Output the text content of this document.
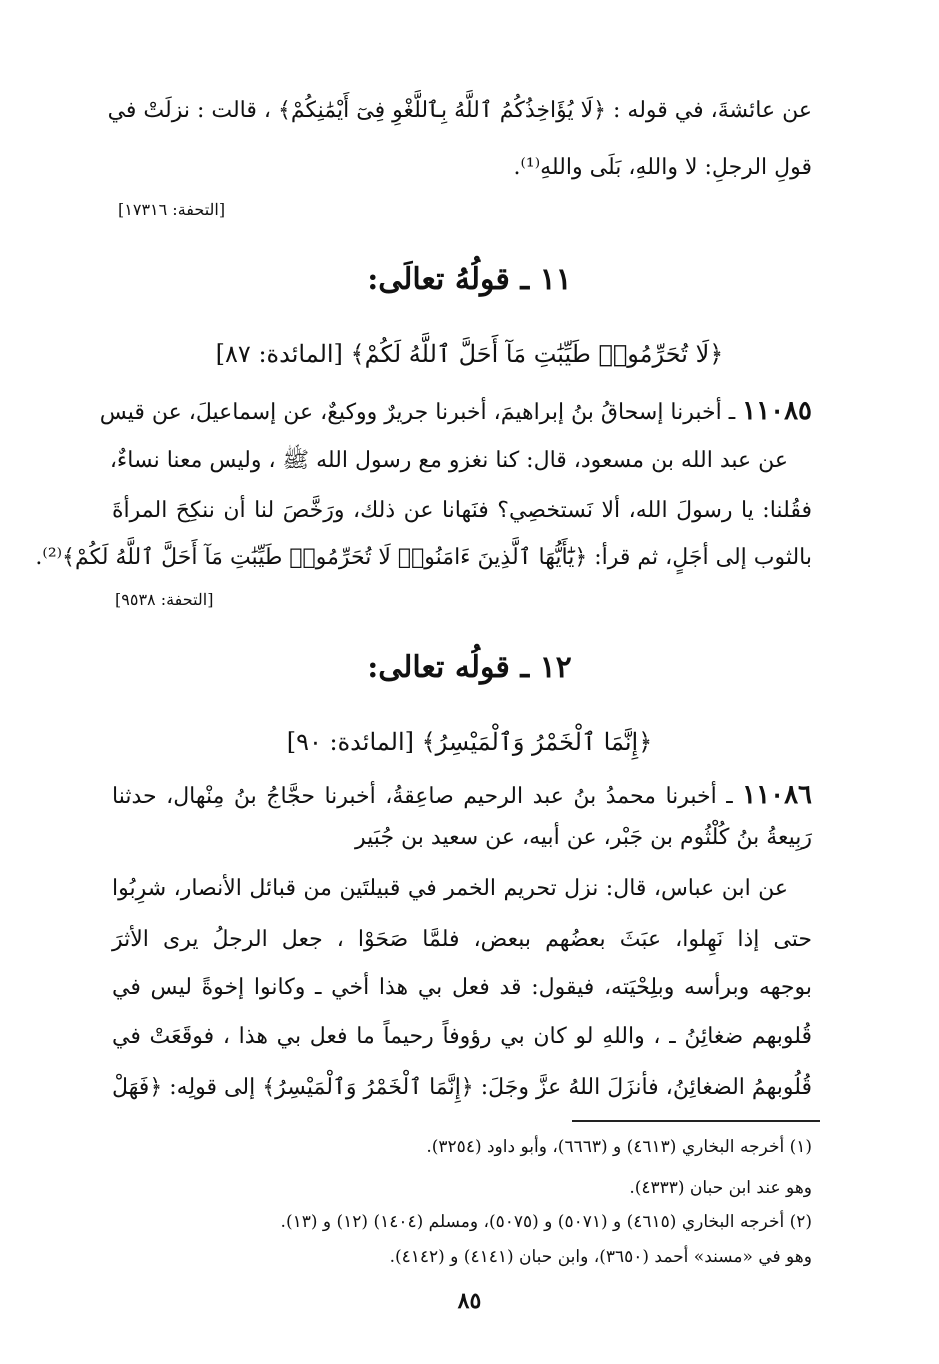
عن عائشةَ، في قوله : ﴿لَا يُؤَاخِذُكُمُ ٱللَّهُ بِٱللَّغْوِ فِىٓ أَيْمَٰنِكُمْ﴾ ، قالت : نزلَتْ في
قولِ الرجلِ: لا واللهِ، بَلَى واللهِ⁽¹⁾.
[التحفة: ١٧٣١٦]
١١ ـ قولُهُ تعالَى:
﴿لَا تُحَرِّمُوا۟ طَيِّبَٰتِ مَآ أَحَلَّ ٱللَّهُ لَكُمْ﴾ [المائدة: ٨٧]
١١٠٨٥ ـ أخبرنا إسحاقُ بنُ إبراهيمَ، أخبرنا جريرٌ ووكيعٌ، عن إسماعيلَ، عن قيس
عن عبد الله بن مسعود، قال: كنا نغزو مع رسول الله ﷺ ، وليس معنا نساءٌ،
فقُلنا: يا رسولَ الله، ألا نَستخصِي؟ فنَهانا عن ذلك، ورَخَّصَ لنا أن ننكِحَ المرأةَ
بالثوب إلى أجَلٍ، ثم قرأ: ﴿يَٰٓأَيُّهَا ٱلَّذِينَ ءَامَنُوا۟ لَا تُحَرِّمُوا۟ طَيِّبَٰتِ مَآ أَحَلَّ ٱللَّهُ لَكُمْ﴾⁽²⁾.
[التحفة: ٩٥٣٨]
١٢ ـ قولُه تعالى:
﴿إِنَّمَا ٱلْخَمْرُ وَٱلْمَيْسِرُ﴾ [المائدة: ٩٠]
١١٠٨٦ ـ أخبرنا محمدُ بنُ عبد الرحيم صاعِقةُ، أخبرنا حجَّاجُ بنُ مِنْهال، حدثنا
رَبِيعةُ بنُ كُلْثُوم بن جَبْر، عن أبيه، عن سعيد بن جُبَير
عن ابن عباس، قال: نزل تحريم الخمر في قبيلتَين من قبائل الأنصار، شرِبُوا
حتى إذا نَهِلوا، عبَثَ بعضُهم ببعض، فلمَّا صَحَوْا ، جعل الرجلُ يرى الأثرَ
بوجهه وبرأسه وبلِحْيَته، فيقول: قد فعل بي هذا أخي ـ وكانوا إخوةً ليس في
قُلوبهم ضغائِنُ ـ ، واللهِ لو كان بي رؤوفاً رحيماً ما فعل بي هذا ، فوقَعَتْ في
قُلُوبهمُ الضغائِنُ، فأنزَلَ اللهُ عزَّ وجَلَ: ﴿إِنَّمَا ٱلْخَمْرُ وَٱلْمَيْسِرُ﴾ إلى قولِه: ﴿فَهَلْ
(١) أخرجه البخاري (٤٦١٣) و (٦٦٦٣)، وأبو داود (٣٢٥٤).
وهو عند ابن حبان (٤٣٣٣).
(٢) أخرجه البخاري (٤٦١٥) و (٥٠٧١) و (٥٠٧٥)، ومسلم (١٤٠٤) (١٢) و (١٣).
وهو في «مسند» أحمد (٣٦٥٠)، وابن حبان (٤١٤١) و (٤١٤٢).
٨٥
